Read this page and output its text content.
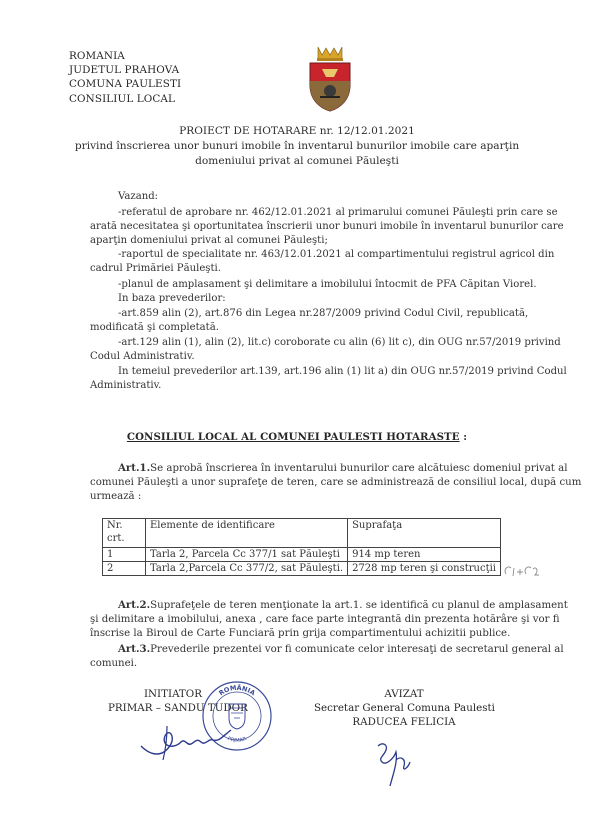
ROMANIA
JUDETUL PRAHOVA
COMUNA PAULESTI
CONSILIUL LOCAL
PROIECT DE HOTARARE nr. 12/12.01.2021
privind înscrierea unor bunuri imobile în inventarul bunurilor imobile care aparţin
domeniului privat al comunei Păuleşti
Vazand:
-referatul de aprobare nr. 462/12.01.2021 al primarului comunei Păuleşti prin care se
arată necesitatea şi oportunitatea înscrierii unor bunuri imobile în inventarul bunurilor care
aparţin domeniului privat al comunei Păuleşti;
-raportul de specialitate nr. 463/12.01.2021 al compartimentului registrul agricol din
cadrul Primăriei Păuleşti.
-planul de amplasament şi delimitare a imobilului întocmit de PFA Căpitan Viorel.
In baza prevederilor:
-art.859 alin (2), art.876 din Legea nr.287/2009 privind Codul Civil, republicată,
modificată şi completată.
-art.129 alin (1), alin (2), lit.c) coroborate cu alin (6) lit c), din OUG nr.57/2019 privind
Codul Administrativ.
In temeiul prevederilor art.139, art.196 alin (1) lit a) din OUG nr.57/2019 privind Codul
Administrativ.
CONSILIUL LOCAL AL COMUNEI PAULESTI HOTARASTE :
Art.1.Se aprobă înscrierea în inventarului bunurilor care alcătuiesc domeniul privat al
comunei Păuleşti a unor suprafeţe de teren, care se administrează de consiliul local, după cum
urmează :
Nr.
crt.	Elemente de identificare	Suprafaţa
1	Tarla 2, Parcela Cc 377/1 sat Păuleşti	914 mp teren
2	Tarla 2,Parcela Cc 377/2, sat Păuleşti.	2728 mp teren şi construcţii
Art.2.Suprafeţele de teren menţionate la art.1. se identifică cu planul de amplasament
şi delimitare a imobilului, anexa , care face parte integrantă din prezenta hotărâre şi vor fi
înscrise la Biroul de Carte Funciară prin grija compartimentului achizitii publice.
Art.3.Prevederile prezentei vor fi comunicate celor interesaţi de secretarul general al
comunei.
INITIATOR
PRIMAR – SANDU TUDOR
AVIZAT
Secretar General Comuna Paulesti
RADUCEA FELICIA
ROMÂNIA
PRIMAR
